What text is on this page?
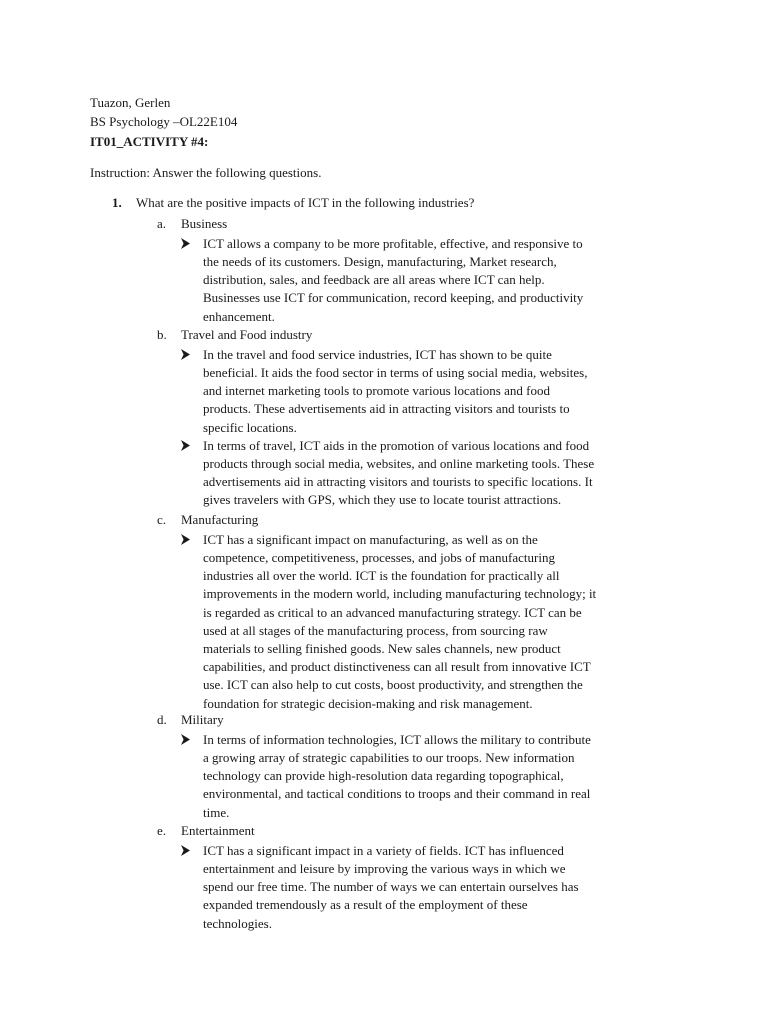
Tuazon, Gerlen
BS Psychology –OL22E104
IT01_ACTIVITY #4:
Instruction: Answer the following questions.
1. What are the positive impacts of ICT in the following industries?
a. Business
ICT allows a company to be more profitable, effective, and responsive to
the needs of its customers. Design, manufacturing, Market research,
distribution, sales, and feedback are all areas where ICT can help.
Businesses use ICT for communication, record keeping, and productivity
enhancement.
b. Travel and Food industry
In the travel and food service industries, ICT has shown to be quite
beneficial. It aids the food sector in terms of using social media, websites,
and internet marketing tools to promote various locations and food
products. These advertisements aid in attracting visitors and tourists to
specific locations.
In terms of travel, ICT aids in the promotion of various locations and food
products through social media, websites, and online marketing tools. These
advertisements aid in attracting visitors and tourists to specific locations. It
gives travelers with GPS, which they use to locate tourist attractions.
c. Manufacturing
ICT has a significant impact on manufacturing, as well as on the
competence, competitiveness, processes, and jobs of manufacturing
industries all over the world. ICT is the foundation for practically all
improvements in the modern world, including manufacturing technology; it
is regarded as critical to an advanced manufacturing strategy. ICT can be
used at all stages of the manufacturing process, from sourcing raw
materials to selling finished goods. New sales channels, new product
capabilities, and product distinctiveness can all result from innovative ICT
use. ICT can also help to cut costs, boost productivity, and strengthen the
foundation for strategic decision-making and risk management.
d. Military
In terms of information technologies, ICT allows the military to contribute
a growing array of strategic capabilities to our troops. New information
technology can provide high-resolution data regarding topographical,
environmental, and tactical conditions to troops and their command in real
time.
e. Entertainment
ICT has a significant impact in a variety of fields. ICT has influenced
entertainment and leisure by improving the various ways in which we
spend our free time. The number of ways we can entertain ourselves has
expanded tremendously as a result of the employment of these
technologies.
